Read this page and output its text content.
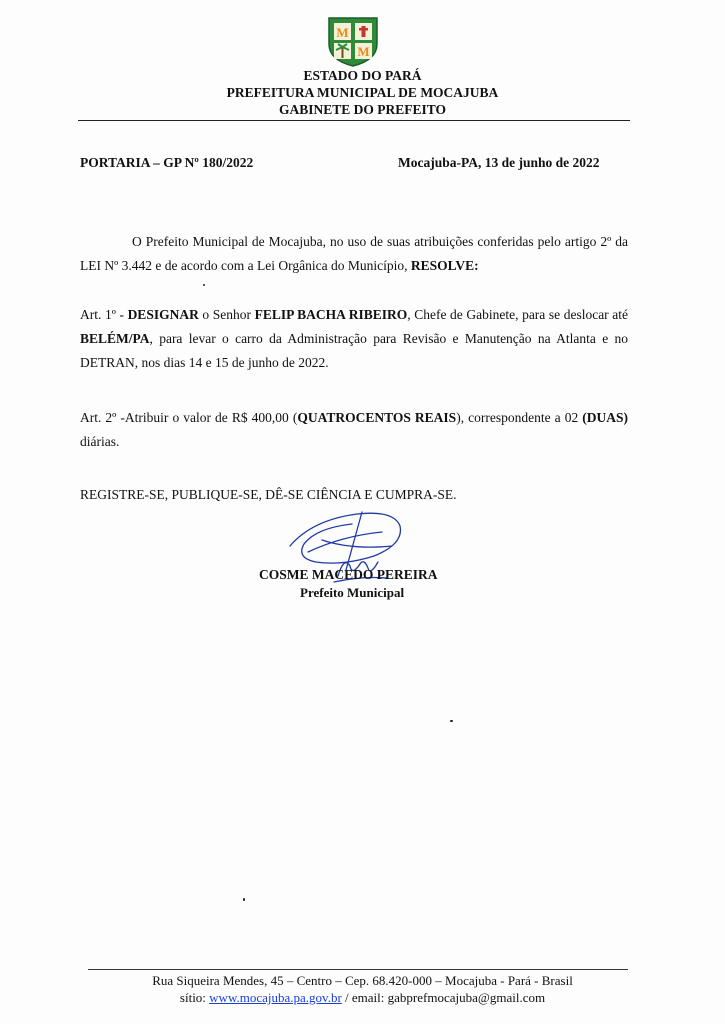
M
M
ESTADO DO PARÁ
PREFEITURA MUNICIPAL DE MOCAJUBA
GABINETE DO PREFEITO
PORTARIA – GP Nº 180/2022	Mocajuba-PA, 13 de junho de 2022
O Prefeito Municipal de Mocajuba, no uso de suas atribuições conferidas pelo artigo 2º da LEI Nº 3.442 e de acordo com a Lei Orgânica do Município, RESOLVE:
Art. 1º - DESIGNAR o Senhor FELIP BACHA RIBEIRO, Chefe de Gabinete, para se deslocar até BELÉM/PA, para levar o carro da Administração para Revisão e Manutenção na Atlanta e no DETRAN, nos dias 14 e 15 de junho de 2022.
Art. 2º -Atribuir o valor de R$ 400,00 (QUATROCENTOS REAIS), correspondente a 02 (DUAS) diárias.
REGISTRE-SE, PUBLIQUE-SE, DÊ-SE CIÊNCIA E CUMPRA-SE.
COSME MACEDO PEREIRA
Prefeito Municipal
Rua Siqueira Mendes, 45 – Centro – Cep. 68.420-000 – Mocajuba - Pará - Brasil
sítio: www.mocajuba.pa.gov.br / email: gabprefmocajuba@gmail.com
